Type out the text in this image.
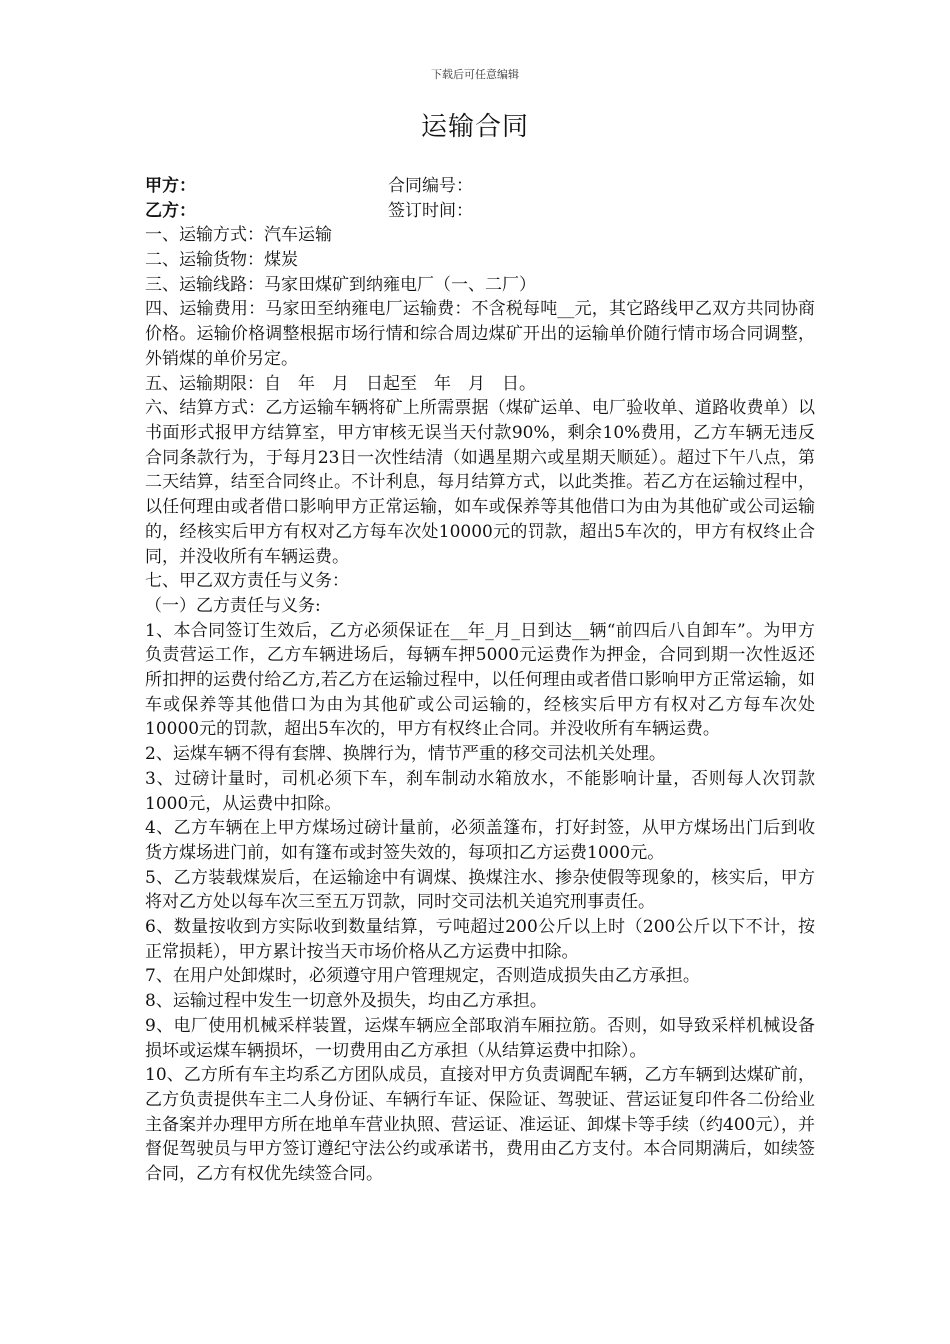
下载后可任意编辑
运输合同
甲方：	合同编号：
乙方：	签订时间：

一、运输方式：汽车运输

二、运输货物：煤炭

三、运输线路：马家田煤矿到纳雍电厂（一、二厂）

四、运输费用：马家田至纳雍电厂运输费：不含税每吨__元，其它路线甲乙双方共同协商价格。运输价格调整根据市场行情和综合周边煤矿开出的运输单价随行情市场合同调整，外销煤的单价另定。

五、运输期限：自　年　月　日起至　年　月　日。

六、结算方式：乙方运输车辆将矿上所需票据（煤矿运单、电厂验收单、道路收费单）以书面形式报甲方结算室，甲方审核无误当天付款90%，剩余10%费用，乙方车辆无违反合同条款行为，于每月23日一次性结清（如遇星期六或星期天顺延）。超过下午八点，第二天结算，结至合同终止。不计利息，每月结算方式，以此类推。若乙方在运输过程中，以任何理由或者借口影响甲方正常运输，如车或保养等其他借口为由为其他矿或公司运输的，经核实后甲方有权对乙方每车次处10000元的罚款，超出5车次的，甲方有权终止合同，并没收所有车辆运费。

七、甲乙双方责任与义务：

（一）乙方责任与义务:

1、本合同签订生效后，乙方必须保证在__年_月_日到达__辆“前四后八自卸车”。为甲方负责营运工作，乙方车辆进场后，每辆车押5000元运费作为押金，合同到期一次性返还所扣押的运费付给乙方,若乙方在运输过程中，以任何理由或者借口影响甲方正常运输，如车或保养等其他借口为由为其他矿或公司运输的，经核实后甲方有权对乙方每车次处10000元的罚款，超出5车次的，甲方有权终止合同。并没收所有车辆运费。

2、运煤车辆不得有套牌、换牌行为，情节严重的移交司法机关处理。

3、过磅计量时，司机必须下车，刹车制动水箱放水，不能影响计量，否则每人次罚款1000元，从运费中扣除。

4、乙方车辆在上甲方煤场过磅计量前，必须盖篷布，打好封签，从甲方煤场出门后到收货方煤场进门前，如有篷布或封签失效的，每项扣乙方运费1000元。

5、乙方装载煤炭后，在运输途中有调煤、换煤注水、掺杂使假等现象的，核实后，甲方将对乙方处以每车次三至五万罚款，同时交司法机关追究刑事责任。

6、数量按收到方实际收到数量结算，亏吨超过200公斤以上时（200公斤以下不计，按正常损耗），甲方累计按当天市场价格从乙方运费中扣除。

7、在用户处卸煤时，必须遵守用户管理规定，否则造成损失由乙方承担。

8、运输过程中发生一切意外及损失，均由乙方承担。

9、电厂使用机械采样装置，运煤车辆应全部取消车厢拉筋。否则，如导致采样机械设备损坏或运煤车辆损坏，一切费用由乙方承担（从结算运费中扣除）。

10、乙方所有车主均系乙方团队成员，直接对甲方负责调配车辆，乙方车辆到达煤矿前，乙方负责提供车主二人身份证、车辆行车证、保险证、驾驶证、营运证复印件各二份给业主备案并办理甲方所在地单车营业执照、营运证、准运证、卸煤卡等手续（约400元），并督促驾驶员与甲方签订遵纪守法公约或承诺书，费用由乙方支付。本合同期满后，如续签合同，乙方有权优先续签合同。
